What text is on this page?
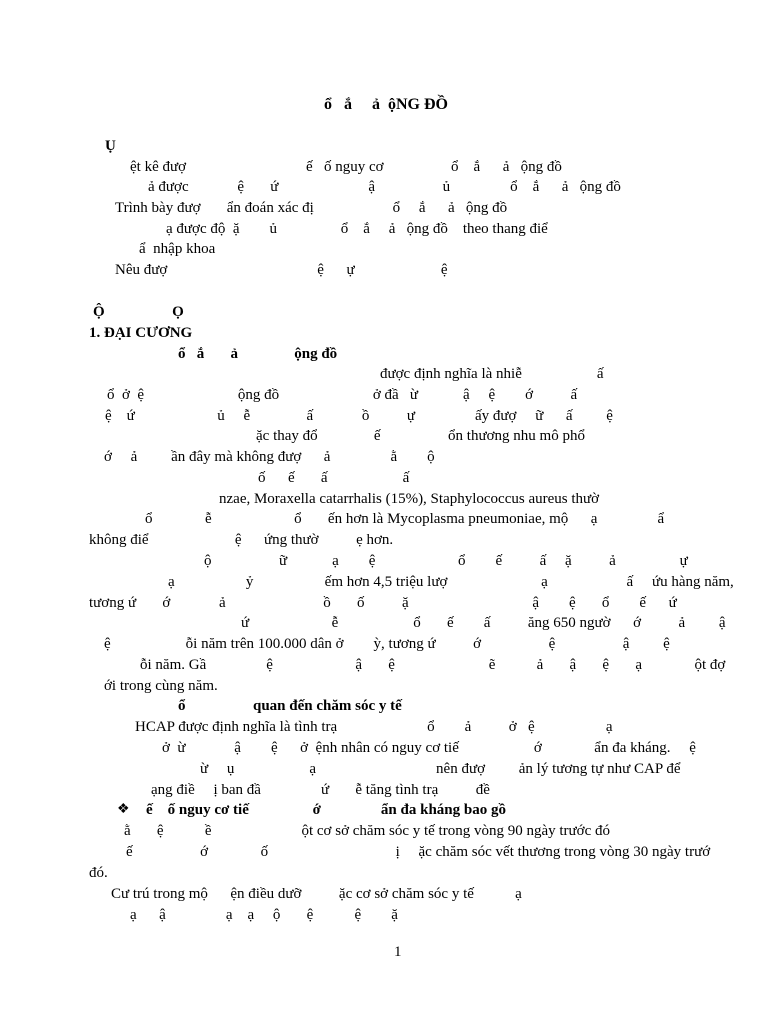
ổ   ắ     ả  ộNG ĐỒ
Ụ
ệt kê đượ                                ế   ố nguy cơ                  ổ    ắ      ả   ộng đồ
ả được             ệ       ứ                        ậ                  ủ                ổ    ắ      ả   ộng đồ
Trình bày đượ       ẩn đoán xác đị                     ổ     ắ      ả   ộng đồ
ạ được độ  ặ        ủ                 ổ    ắ     ả   ộng đồ    theo thang điể
ẩ  nhập khoa
Nêu đượ                                        ệ      ự                       ệ
Ộ                  Ọ
1. ĐẠI CƯƠNG
ổ   ắ       ả               ộng đồ
được định nghĩa là nhiễ                    ấ
ổ  ở  ệ                         ộng đồ                         ở đầ   ừ            ậ     ệ        ớ          ấ
ệ    ứ                      ủ     ễ               ấ             ồ          ự                ấy đượ     ữ      ấ         ệ
ặc thay đổ               ế                  ổn thương nhu mô phổ
ớ     ả         ần đây mà không đượ      ả                ằ        ộ
ố      ế       ấ                    ấ
nzae, Moraxella catarrhalis (15%), Staphylococcus aureus thườ
ổ              ễ                      ổ       ến hơn là Mycoplasma pneumoniae, mộ      ạ                ẩ
không điể                       ệ      ứng thườ          ẹ hơn.
ộ                  ữ            ạ        ệ                      ổ        ế          ấ     ặ          ả                 ự
ạ                   ỷ                   ếm hơn 4,5 triệu lượ                         ạ                     ấ     ứu hàng năm,
tương ứ       ớ             ả                          ồ       ố          ặ                                 ậ        ệ       ổ        ế      ứ
ứ                      ễ                    ổ       ế        ấ          ăng 650 ngườ      ớ          ả         ậ
ệ                    ỗi năm trên 100.000 dân ở        ỳ, tương ứ          ớ                  ệ                  ậ         ệ
ỗi năm. Gầ                ệ                      ậ       ệ                         ẽ           ả       ậ       ệ       ạ              ột đợ
ới trong cùng năm.
ổ                  quan đến chăm sóc y tế
HCAP được định nghĩa là tình trạ                        ổ        ả          ở   ệ                   ạ
ở  ừ             ậ        ệ      ở  ệnh nhân có nguy cơ tiế                    ớ              ẩn đa kháng.     ệ
ừ     ụ                    ạ                                nên đượ         ản lý tương tự như CAP để
ạng điề     ị ban đầ                ứ       ễ tăng tình trạ          đề
❖ ế    ố nguy cơ tiế                 ớ                ẩn đa kháng bao gồ
ằ       ệ           ề                        ột cơ sở chăm sóc y tế trong vòng 90 ngày trước đó
ế                  ớ              ố                                  ị     ặc chăm sóc vết thương trong vòng 30 ngày trướ
đó.
Cư trú trong mộ      ện điều dưỡ          ặc cơ sở chăm sóc y tế           ạ
ạ      ậ                ạ    ạ     ộ       ệ           ệ        ặ
1
